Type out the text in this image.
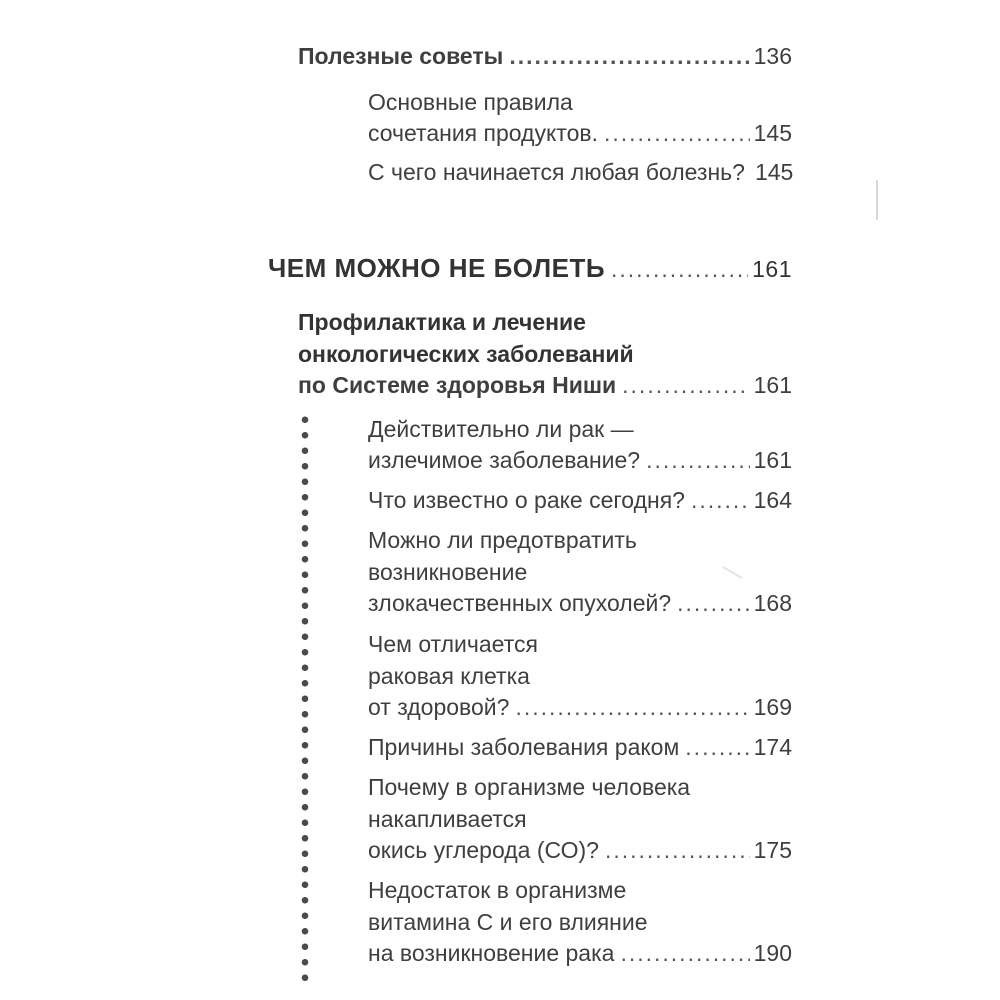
Полезные советы .....	136
Основные правила
сочетания продуктов. .....	145
С чего начинается любая болезнь? 145
ЧЕМ МОЖНО НЕ БОЛЕТЬ .....	161
Профилактика и лечение
онкологических заболеваний
по Системе здоровья Ниши .....	161
Действительно ли рак —
излечимое заболевание? .....	161
Что известно о раке сегодня? .....	164
Можно ли предотвратить
возникновение
злокачественных опухолей? .....	168
Чем отличается
раковая клетка
от здоровой? .....	169
Причины заболевания раком .....	174
Почему в организме человека
накапливается
окись углерода (СО)? .....	175
Недостаток в организме
витамина С и его влияние
на возникновение рака .....	190
